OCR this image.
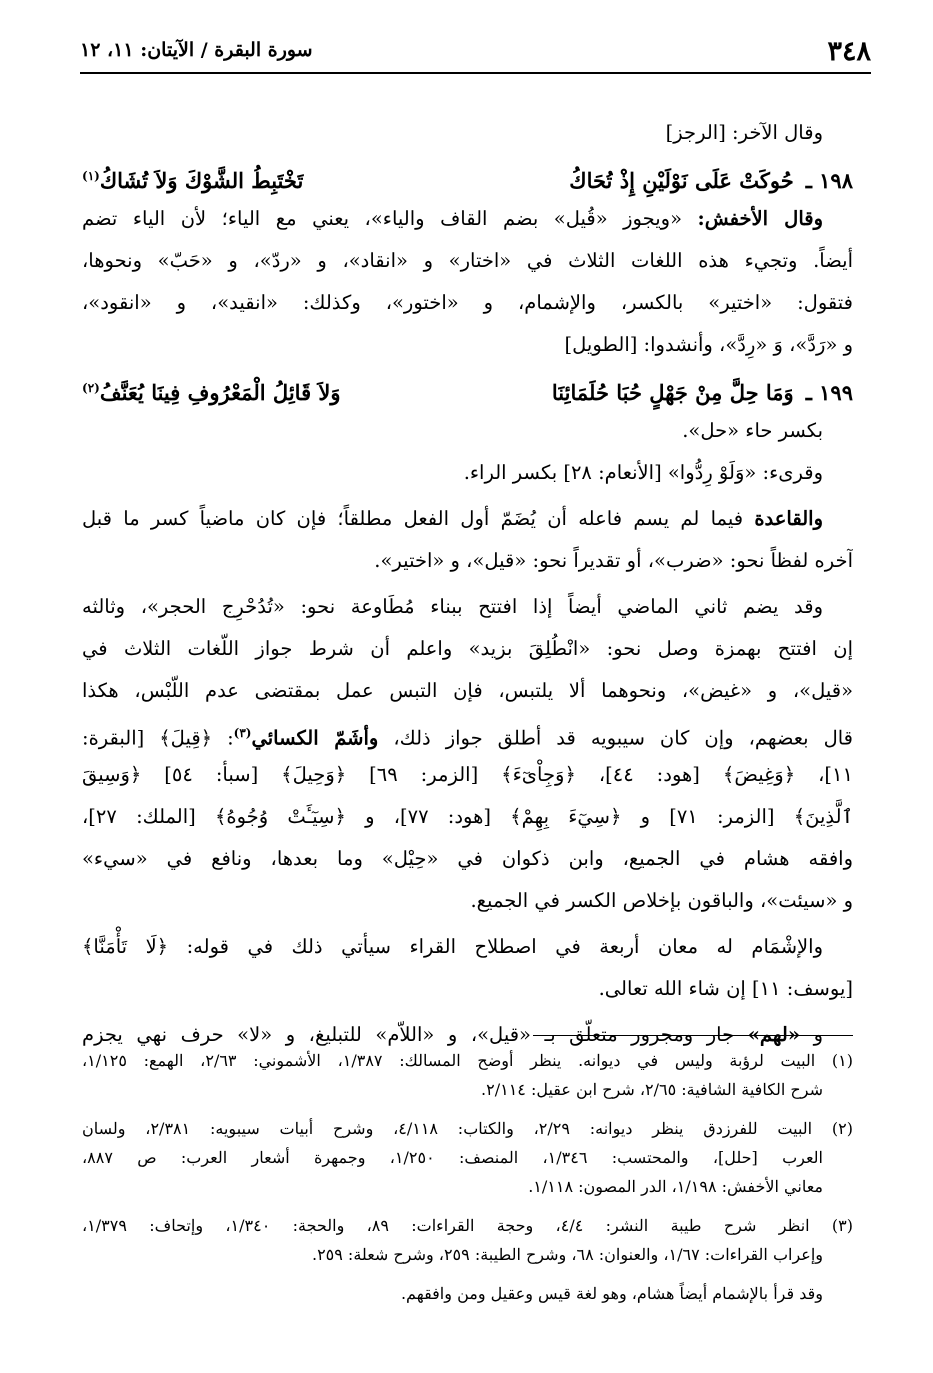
٣٤٨
سورة البقرة / الآيتان: ١١، ١٢
وقال الآخر: [الرجز]
١٩٨ ـ
حُوكَتْ عَلَى نَوْلَيْنِ إِذْ تُحَاكُ
تَخْتَبِطُ الشَّوْكَ وَلاَ تُشَاكُ$^{(١)}$
وقال الأخفش: «ويجوز «قُيل» بضم القاف والياء»، يعني مع الياء؛ لأن الياء تضم
أيضاً. وتجيء هذه اللغات الثلاث في «اختار» و «انقاد»، و «ردّ»، و «حَبّ» ونحوها،
فتقول: «اختير» بالكسر، والإشمام، و «اختور»، وكذلك: «انقيد»، و «انقود»،
و «رَدَّ»، وَ «رِدَّ»، وأنشدوا: [الطويل]
١٩٩ ـ
وَمَا حِلَّ مِنْ جَهْلٍ حُبَا حُلَمَائِنَا
وَلاَ قَائِلُ الْمَعْرُوفِ فِينَا يُعَنَّفُ$^{(٢)}$
بكسر حاء «حل».
وقرىء: «وَلَوْ رِدُّوا» [الأنعام: ٢٨] بكسر الراء.
والقاعدة فيما لم يسم فاعله أن يُضَمّ أول الفعل مطلقاً؛ فإن كان ماضياً كسر ما قبل
آخره لفظاً نحو: «ضرب»، أو تقديراً نحو: «قيل»، و «اختير».
وقد يضم ثاني الماضي أيضاً إذا افتتح ببناء مُطَاوعة نحو: «تُدُحْرِج الحجر»، وثالثه
إن افتتح بهمزة وصل نحو: «انْطُلِقَ بزيد» واعلم أن شرط جواز اللّغات الثلاث في
«قيل»، و «غيض»، ونحوهما ألا يلتبس، فإن التبس عمل بمقتضى عدم اللّبْس، هكذا
قال بعضهم، وإن كان سيبويه قد أطلق جواز ذلك، وأشَمّ الكسائي$^{(٣)}$: ﴿قِيلَ﴾ [البقرة:
١١]، ﴿وَغِيضَ﴾ [هود: ٤٤]، ﴿وَجِاْىٓءَ﴾ [الزمر: ٦٩] ﴿وَحِيلَ﴾ [سبأ: ٥٤] ﴿وَسِيقَ
ٱلَّذِينَ﴾ [الزمر: ٧١] و ﴿سِيٓءَ بِهِمْ﴾ [هود: ٧٧]، و ﴿سِيٓـَٔتْ وُجُوهُ﴾ [الملك: ٢٧]،
وافقه هشام في الجميع، وابن ذكوان في «حِيْل» وما بعدها، ونافع في «سيء»
و «سيئت»، والباقون بإخلاص الكسر في الجميع.
والإشْمَام له معان أربعة في اصطلاح القراء سيأتي ذلك في قوله: ﴿لَا تَأْمَنَّا﴾
[يوسف: ١١] إن شاء الله تعالى.
و «لهم» جار ومجرور متعلّق بـ «قيل»، و «اللاّم» للتبليغ، و «لا» حرف نهي يجزم
(١) البيت لرؤبة وليس في ديوانه. ينظر أوضح المسالك: ١/٣٨٧، الأشموني: ٢/٦٣، الهمع: ١/١٢٥،
شرح الكافية الشافية: ٢/٦٥، شرح ابن عقيل: ٢/١١٤.
(٢) البيت للفرزدق ينظر ديوانه: ٢/٢٩، والكتاب: ٤/١١٨، وشرح أبيات سيبويه: ٢/٣٨١، ولسان
العرب [حلل]، والمحتسب: ١/٣٤٦، المنصف: ١/٢٥٠، وجمهرة أشعار العرب: ص ٨٨٧،
معاني الأخفش: ١/١٩٨، الدر المصون: ١/١١٨.
(٣) انظر شرح طيبة النشر: ٤/٤، وحجة القراءات: ٨٩، والحجة: ١/٣٤٠، وإتحاف: ١/٣٧٩،
وإعراب القراءات: ١/٦٧، والعنوان: ٦٨، وشرح الطيبة: ٢٥٩، وشرح شعلة: ٢٥٩.
وقد قرأ بالإشمام أيضاً هشام، وهو لغة قيس وعقيل ومن وافقهم.
